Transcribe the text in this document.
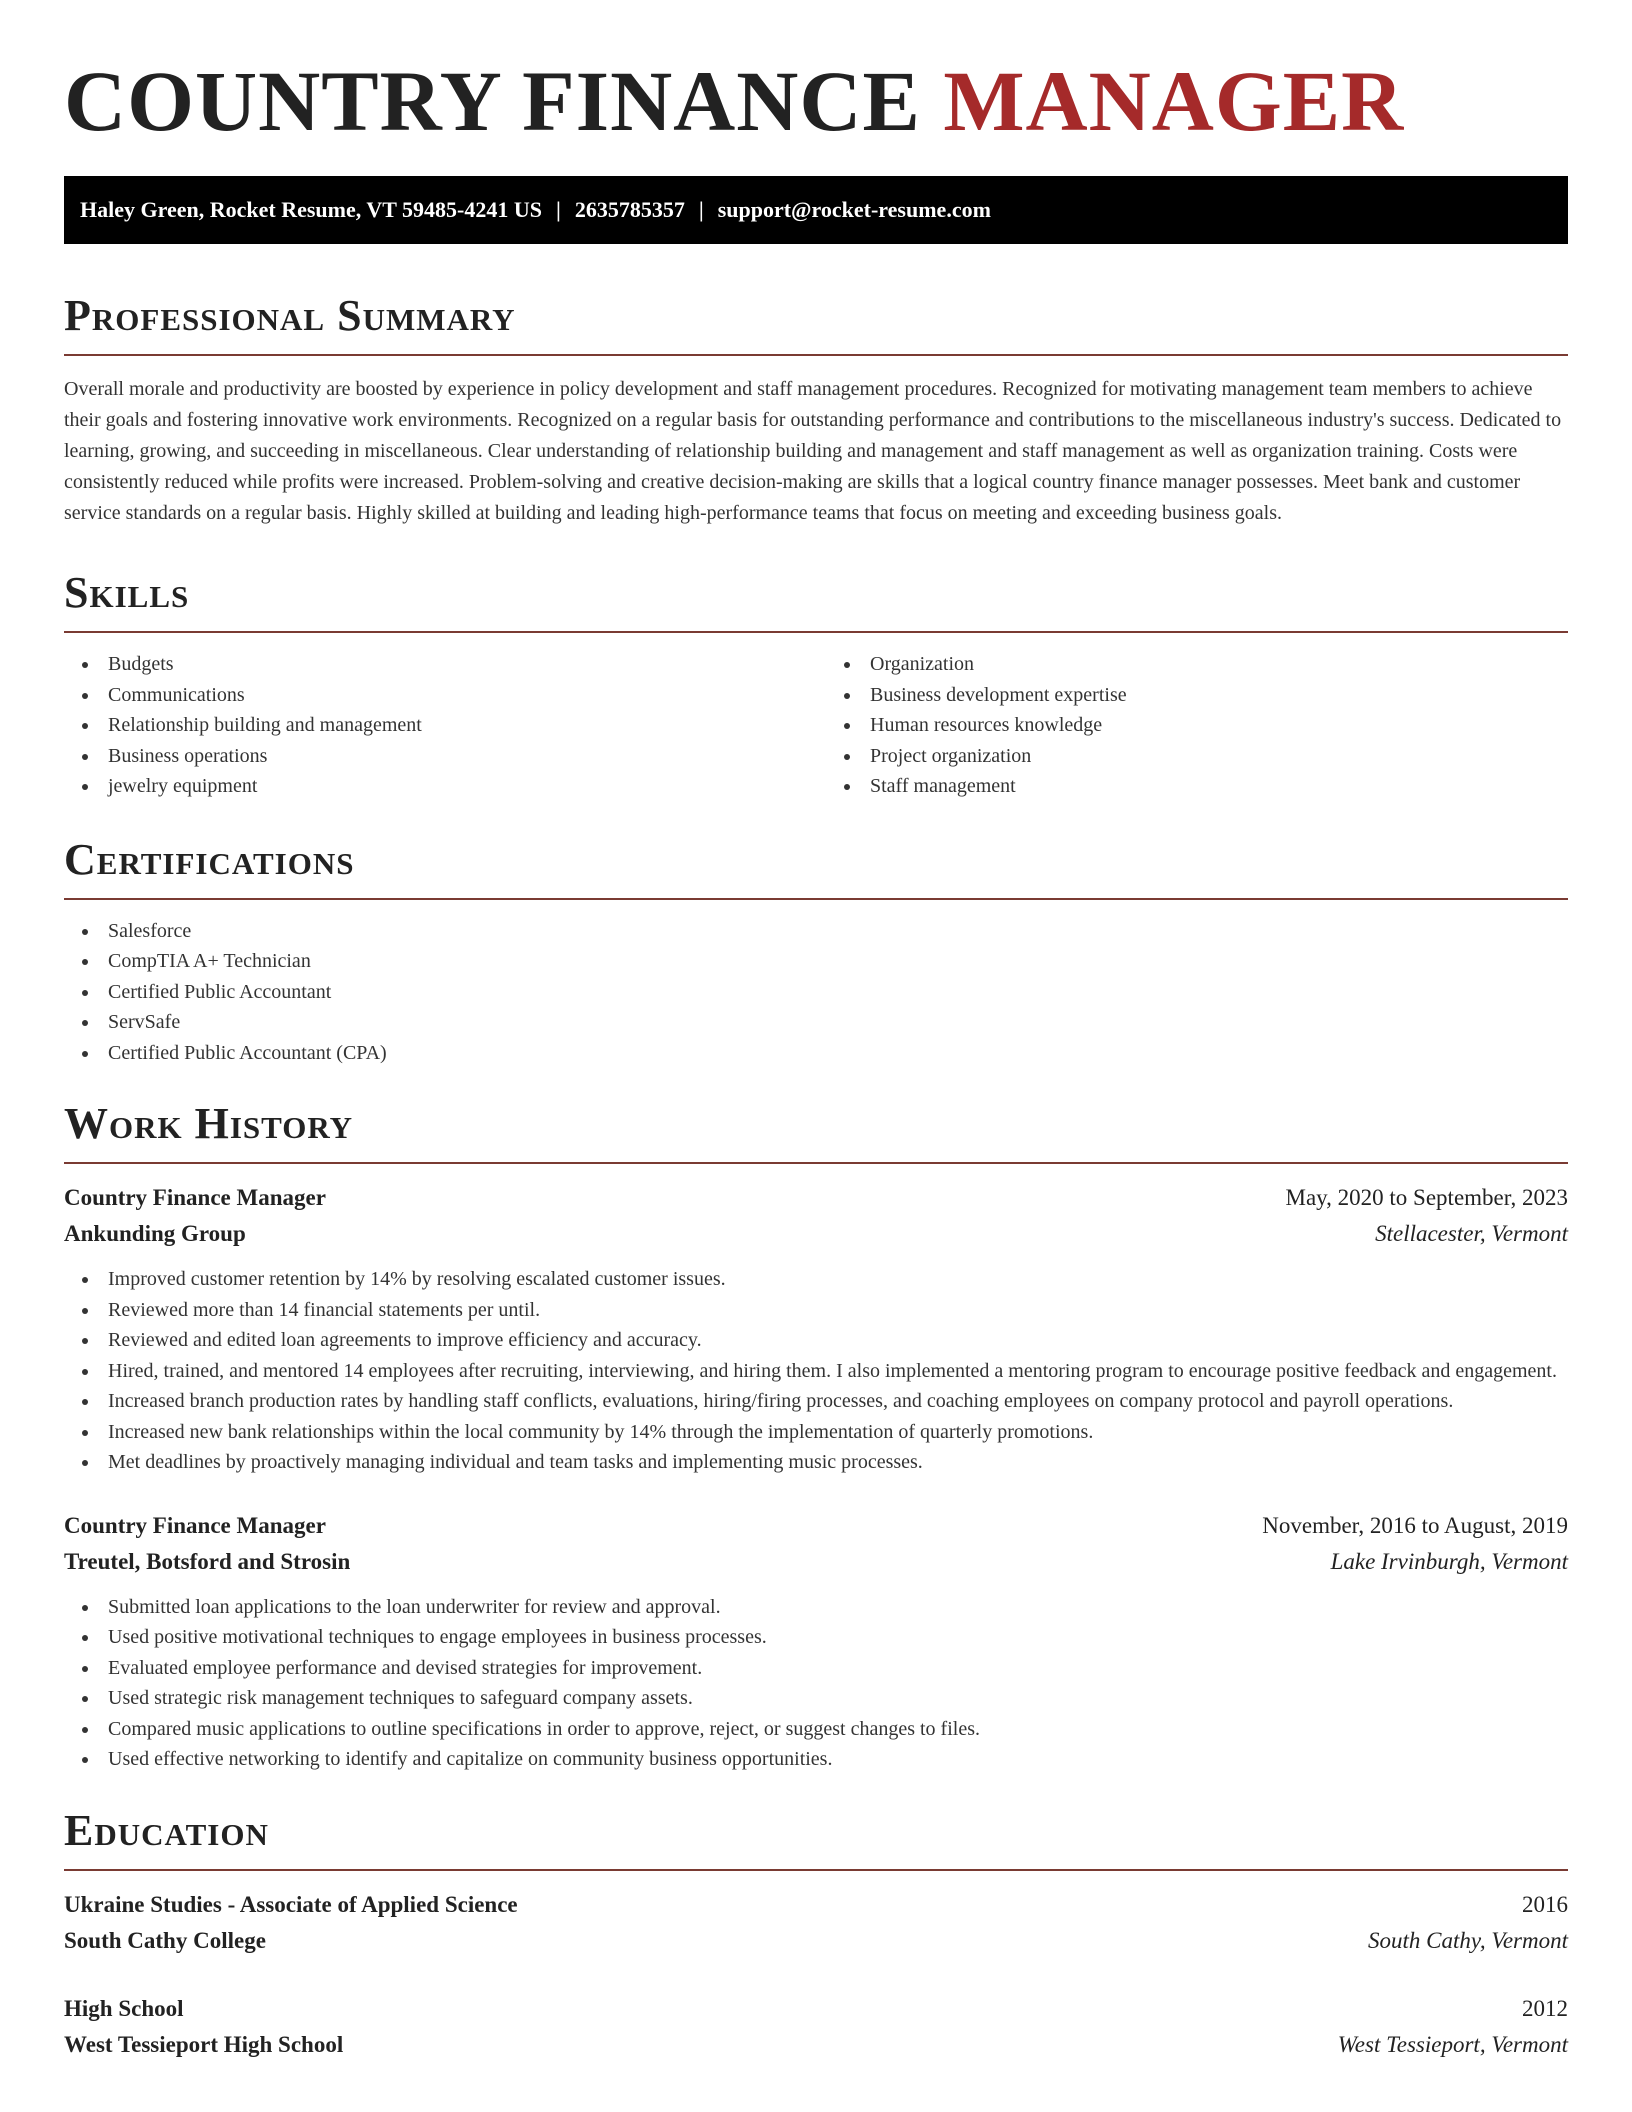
COUNTRY FINANCE MANAGER
Haley Green, Rocket Resume, VT 59485-4241 US | 2635785357 | support@rocket-resume.com
Professional Summary

Overall morale and productivity are boosted by experience in policy development and staff management procedures. Recognized for motivating management team members to achieve their goals and fostering innovative work environments. Recognized on a regular basis for outstanding performance and contributions to the miscellaneous industry's success. Dedicated to learning, growing, and succeeding in miscellaneous. Clear understanding of relationship building and management and staff management as well as organization training. Costs were consistently reduced while profits were increased. Problem-solving and creative decision-making are skills that a logical country finance manager possesses. Meet bank and customer service standards on a regular basis. Highly skilled at building and leading high-performance teams that focus on meeting and exceeding business goals.

Skills
Budgets
Communications
Relationship building and management
Business operations
jewelry equipment
Organization
Business development expertise
Human resources knowledge
Project organization
Staff management
Certifications
Salesforce
CompTIA A+ Technician
Certified Public Accountant
ServSafe
Certified Public Accountant (CPA)
Work History
Country Finance Manager	May, 2020 to September, 2023
Ankunding Group	Stellacester, Vermont
Improved customer retention by 14% by resolving escalated customer issues.
Reviewed more than 14 financial statements per until.
Reviewed and edited loan agreements to improve efficiency and accuracy.
Hired, trained, and mentored 14 employees after recruiting, interviewing, and hiring them. I also implemented a mentoring program to encourage positive feedback and engagement.
Increased branch production rates by handling staff conflicts, evaluations, hiring/firing processes, and coaching employees on company protocol and payroll operations.
Increased new bank relationships within the local community by 14% through the implementation of quarterly promotions.
Met deadlines by proactively managing individual and team tasks and implementing music processes.
Country Finance Manager	November, 2016 to August, 2019
Treutel, Botsford and Strosin	Lake Irvinburgh, Vermont
Submitted loan applications to the loan underwriter for review and approval.
Used positive motivational techniques to engage employees in business processes.
Evaluated employee performance and devised strategies for improvement.
Used strategic risk management techniques to safeguard company assets.
Compared music applications to outline specifications in order to approve, reject, or suggest changes to files.
Used effective networking to identify and capitalize on community business opportunities.
Education
Ukraine Studies - Associate of Applied Science	2016
South Cathy College	South Cathy, Vermont
High School	2012
West Tessieport High School	West Tessieport, Vermont
